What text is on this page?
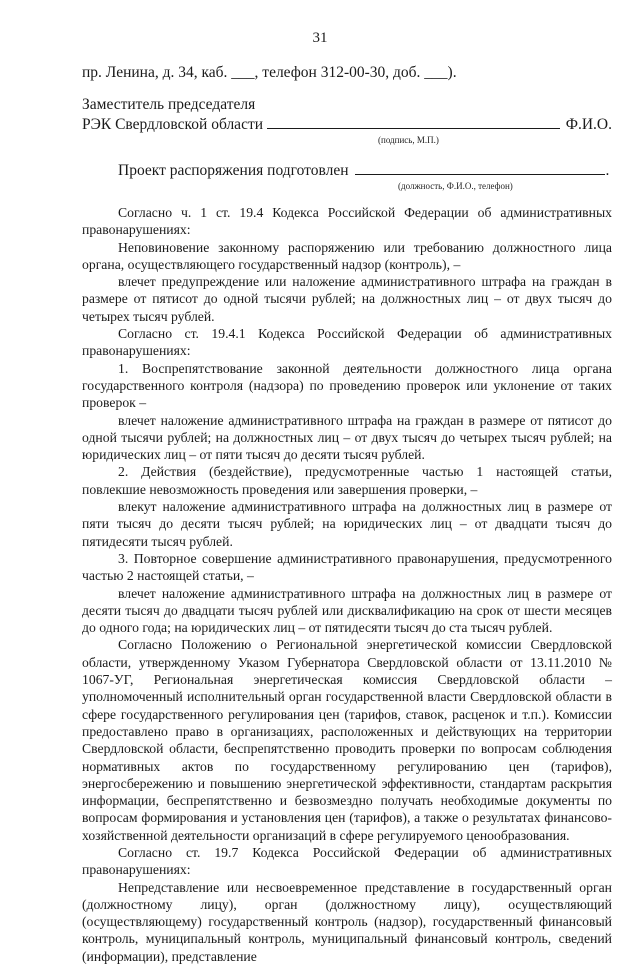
31
пр. Ленина, д. 34, каб. ___, телефон 312-00-30, доб. ___).
Заместитель председателя
РЭК Свердловской области	Ф.И.О.
(подпись, М.П.)
Проект распоряжения подготовлен	.
(должность, Ф.И.О., телефон)

Согласно ч. 1 ст. 19.4 Кодекса Российской Федерации об административных правонарушениях:

Неповиновение законному распоряжению или требованию должностного лица органа, осуществляющего государственный надзор (контроль), –

влечет предупреждение или наложение административного штрафа на граждан в размере от пятисот до одной тысячи рублей; на должностных лиц – от двух тысяч до четырех тысяч рублей.

Согласно ст. 19.4.1 Кодекса Российской Федерации об административных правонарушениях:

1. Воспрепятствование законной деятельности должностного лица органа государственного контроля (надзора) по проведению проверок или уклонение от таких проверок –

влечет наложение административного штрафа на граждан в размере от пятисот до одной тысячи рублей; на должностных лиц – от двух тысяч до четырех тысяч рублей; на юридических лиц – от пяти тысяч до десяти тысяч рублей.

2. Действия (бездействие), предусмотренные частью 1 настоящей статьи, повлекшие невозможность проведения или завершения проверки, –

влекут наложение административного штрафа на должностных лиц в размере от пяти тысяч до десяти тысяч рублей; на юридических лиц – от двадцати тысяч до пятидесяти тысяч рублей.

3. Повторное совершение административного правонарушения, предусмотренного частью 2 настоящей статьи, –

влечет наложение административного штрафа на должностных лиц в размере от десяти тысяч до двадцати тысяч рублей или дисквалификацию на срок от шести месяцев до одного года; на юридических лиц – от пятидесяти тысяч до ста тысяч рублей.

Согласно Положению о Региональной энергетической комиссии Свердловской области, утвержденному Указом Губернатора Свердловской области от 13.11.2010 № 1067-УГ, Региональная энергетическая комиссия Свердловской области – уполномоченный исполнительный орган государственной власти Свердловской области в сфере государственного регулирования цен (тарифов, ставок, расценок и т.п.). Комиссии предоставлено право в организациях, расположенных и действующих на территории Свердловской области, беспрепятственно проводить проверки по вопросам соблюдения нормативных актов по государственному регулированию цен (тарифов), энергосбережению и повышению энергетической эффективности, стандартам раскрытия информации, беспрепятственно и безвозмездно получать необходимые документы по вопросам формирования и установления цен (тарифов), а также о результатах финансово-хозяйственной деятельности организаций в сфере регулируемого ценообразования.

Согласно ст. 19.7 Кодекса Российской Федерации об административных правонарушениях:

Непредставление или несвоевременное представление в государственный орган (должностному лицу), орган (должностному лицу), осуществляющий (осуществляющему) государственный контроль (надзор), государственный финансовый контроль, муниципальный контроль, муниципальный финансовый контроль, сведений (информации), представление
